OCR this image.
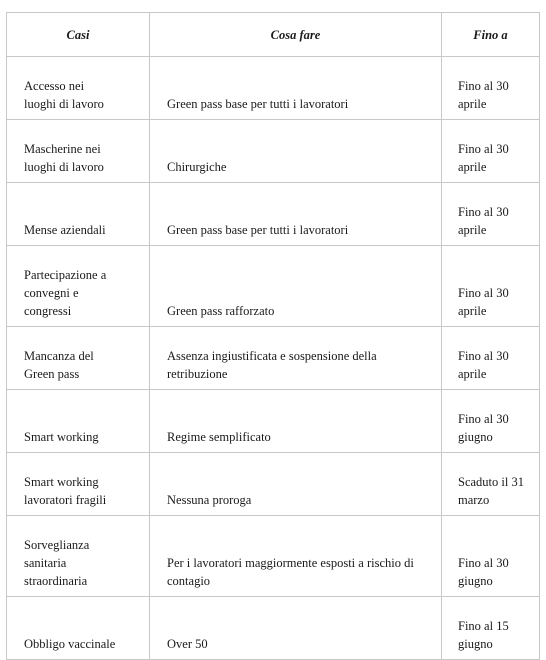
Casi	Cosa fare	Fino a
Accesso nei luoghi di lavoro	Green pass base per tutti i lavoratori	Fino al 30 aprile
Mascherine nei luoghi di lavoro	Chirurgiche	Fino al 30 aprile
Mense aziendali	Green pass base per tutti i lavoratori	Fino al 30 aprile
Partecipazione a convegni e congressi	Green pass rafforzato	Fino al 30 aprile
Mancanza del Green pass	Assenza ingiustificata e sospensione della retribuzione	Fino al 30 aprile
Smart working	Regime semplificato	Fino al 30 giugno
Smart working lavoratori fragili	Nessuna proroga	Scaduto il 31 marzo
Sorveglianza sanitaria straordinaria	Per i lavoratori maggiormente esposti a rischio di contagio	Fino al 30 giugno
Obbligo vaccinale	Over 50	Fino al 15 giugno
